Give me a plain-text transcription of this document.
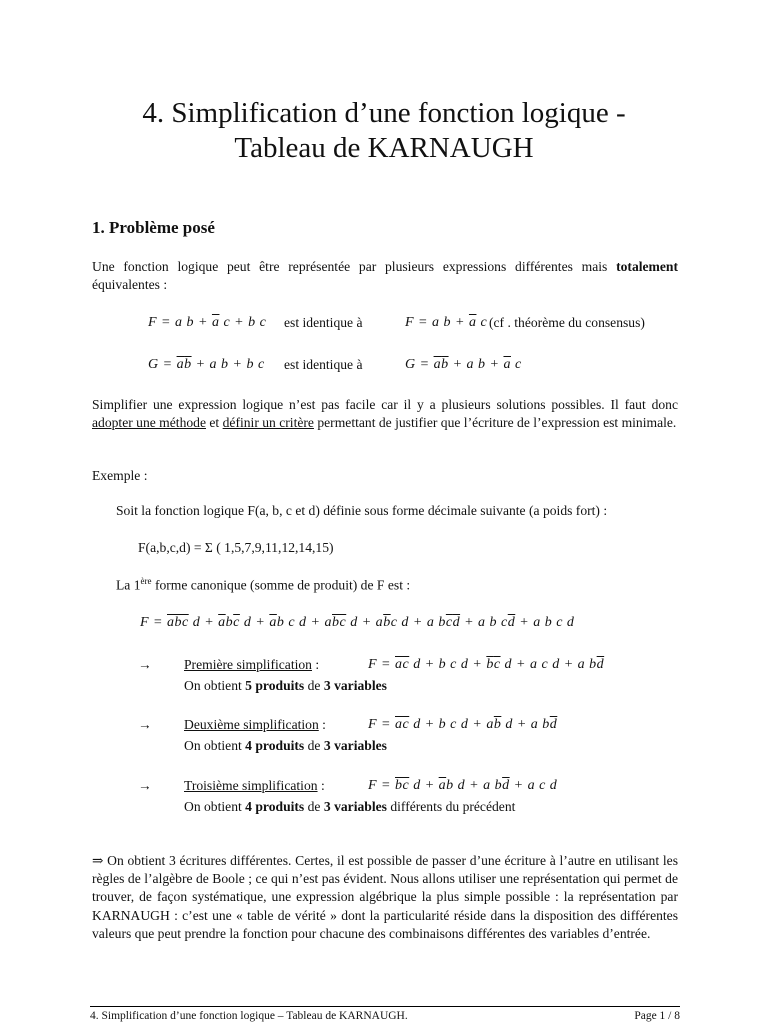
4. Simplification d’une fonction logique -
Tableau de KARNAUGH
1. Problème posé
Une fonction logique peut être représentée par plusieurs expressions différentes mais totalement équivalentes :
F = a $b + \overline{a}$ c + b c est identique à	F = a $b + \overline{a}$ c (cf . théorème du consensus)
$G = \overline{a}\overline{b} + a$ b + b c est identique à	$G = \overline{a}\overline{b} + a$ $b + \overline{a}$ c
Simplifier une expression logique n’est pas facile car il y a plusieurs solutions possibles. Il faut donc adopter une méthode et définir un critère permettant de justifier que l’écriture de l’expression est minimale.
Exemple :
Soit la fonction logique F(a, b, c et d) définie sous forme décimale suivante (a poids fort) :
F(a,b,c,d) = Σ ( 1,5,7,9,11,12,14,15)
La 1ère forme canonique (somme de produit) de F est :
$F = \overline{a}\overline{b}\overline{c}$ $d + \overline{a}b\overline{c}$ $d + \overline{a}b$ c $d + a\overline{b}\overline{c}$ $d + a\overline{b}c$ d + a $b\overline{c}\overline{d} + a$ b $c\overline{d} + a$ b c d
→ Première simplification :	$F = \overline{a}\overline{c}$ d + b c $d + \overline{b}\overline{c}$ d + a c d + a $b\overline{d}$
On obtient 5 produits de 3 variables
→ Deuxième simplification :	$F = \overline{a}\overline{c}$ d + b c $d + a\overline{b}$ d + a $b\overline{d}$
On obtient 4 produits de 3 variables
→ Troisième simplification :	$F = \overline{b}\overline{c}$ $d + \overline{a}b$ d + a $b\overline{d} + a$ c d
On obtient 4 produits de 3 variables différents du précédent
⇒ On obtient 3 écritures différentes. Certes, il est possible de passer d’une écriture à l’autre en utilisant les règles de l’algèbre de Boole ; ce qui n’est pas évident. Nous allons utiliser une représentation qui permet de trouver, de façon systématique, une expression algébrique la plus simple possible : la représentation par KARNAUGH : c’est une « table de vérité » dont la particularité réside dans la disposition des différentes valeurs que peut prendre la fonction pour chacune des combinaisons différentes des variables d’entrée.
4. Simplification d’une fonction logique – Tableau de KARNAUGH.	Page 1 / 8
